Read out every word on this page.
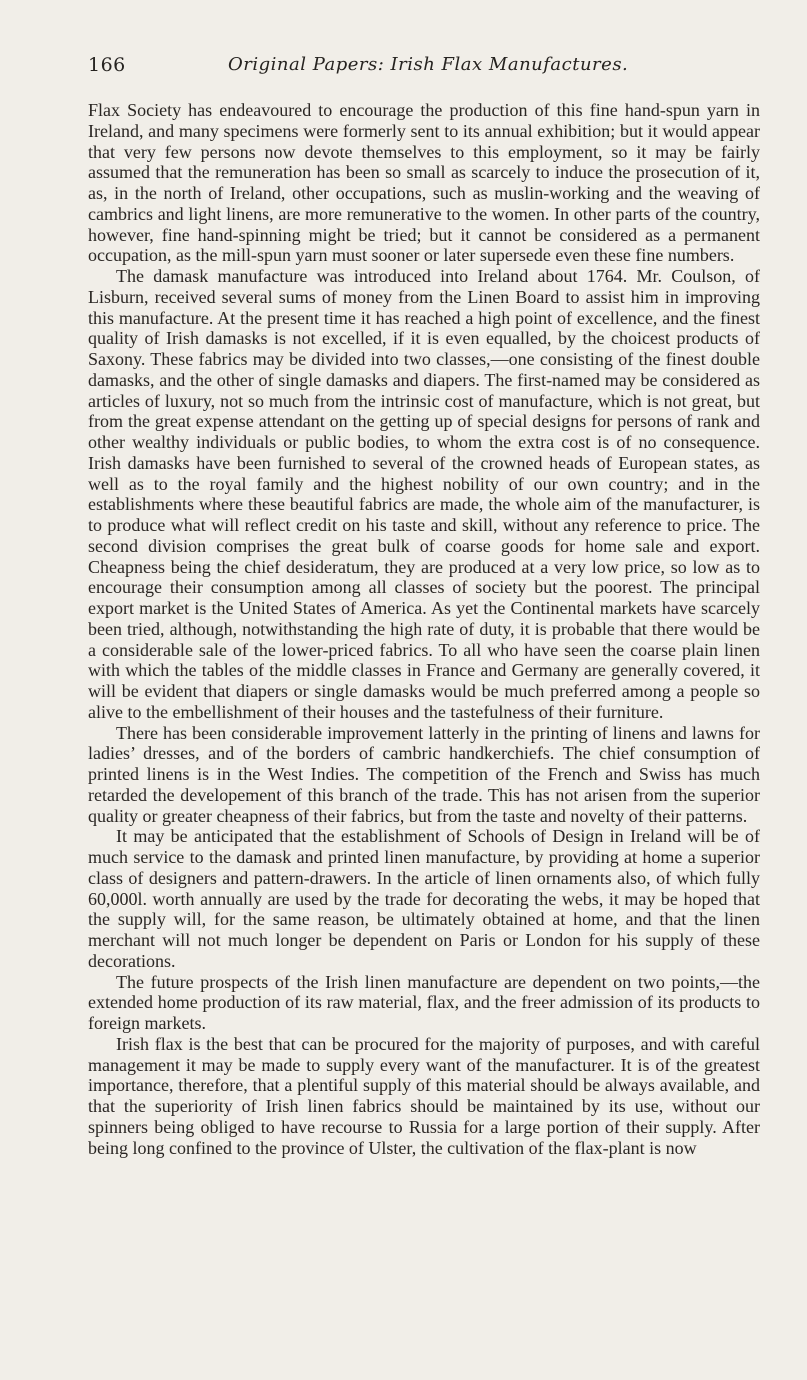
166	Original Papers: Irish Flax Manufactures.

Flax Society has endeavoured to encourage the production of this fine hand-spun yarn in Ireland, and many specimens were formerly sent to its annual exhibition; but it would appear that very few persons now devote themselves to this employment, so it may be fairly assumed that the remuneration has been so small as scarcely to induce the prosecution of it, as, in the north of Ireland, other occupations, such as muslin-working and the weaving of cambrics and light linens, are more remunerative to the women. In other parts of the country, however, fine hand-spinning might be tried; but it cannot be considered as a permanent occupation, as the mill-spun yarn must sooner or later supersede even these fine numbers.

The damask manufacture was introduced into Ireland about 1764. Mr. Coulson, of Lisburn, received several sums of money from the Linen Board to assist him in improving this manufacture. At the present time it has reached a high point of excellence, and the finest quality of Irish damasks is not excelled, if it is even equalled, by the choicest products of Saxony. These fabrics may be divided into two classes,—one consisting of the finest double damasks, and the other of single damasks and diapers. The first-named may be considered as articles of luxury, not so much from the intrinsic cost of manufacture, which is not great, but from the great expense attendant on the getting up of special designs for persons of rank and other wealthy individuals or public bodies, to whom the extra cost is of no consequence. Irish damasks have been furnished to several of the crowned heads of European states, as well as to the royal family and the highest nobility of our own country; and in the establishments where these beautiful fabrics are made, the whole aim of the manufacturer, is to produce what will reflect credit on his taste and skill, without any reference to price. The second division comprises the great bulk of coarse goods for home sale and export. Cheapness being the chief desideratum, they are produced at a very low price, so low as to encourage their consumption among all classes of society but the poorest. The principal export market is the United States of America. As yet the Continental markets have scarcely been tried, although, notwithstanding the high rate of duty, it is probable that there would be a considerable sale of the lower-priced fabrics. To all who have seen the coarse plain linen with which the tables of the middle classes in France and Germany are generally covered, it will be evident that diapers or single damasks would be much preferred among a people so alive to the embellishment of their houses and the tastefulness of their furniture.

There has been considerable improvement latterly in the printing of linens and lawns for ladies’ dresses, and of the borders of cambric handkerchiefs. The chief consumption of printed linens is in the West Indies. The competition of the French and Swiss has much retarded the developement of this branch of the trade. This has not arisen from the superior quality or greater cheapness of their fabrics, but from the taste and novelty of their patterns.

It may be anticipated that the establishment of Schools of Design in Ireland will be of much service to the damask and printed linen manufacture, by providing at home a superior class of designers and pattern-drawers. In the article of linen ornaments also, of which fully 60,000l. worth annually are used by the trade for decorating the webs, it may be hoped that the supply will, for the same reason, be ultimately obtained at home, and that the linen merchant will not much longer be dependent on Paris or London for his supply of these decorations.

The future prospects of the Irish linen manufacture are dependent on two points,—the extended home production of its raw material, flax, and the freer admission of its products to foreign markets.

Irish flax is the best that can be procured for the majority of purposes, and with careful management it may be made to supply every want of the manufacturer. It is of the greatest importance, therefore, that a plentiful supply of this material should be always available, and that the superiority of Irish linen fabrics should be maintained by its use, without our spinners being obliged to have recourse to Russia for a large portion of their supply. After being long confined to the province of Ulster, the cultivation of the flax-plant is now
